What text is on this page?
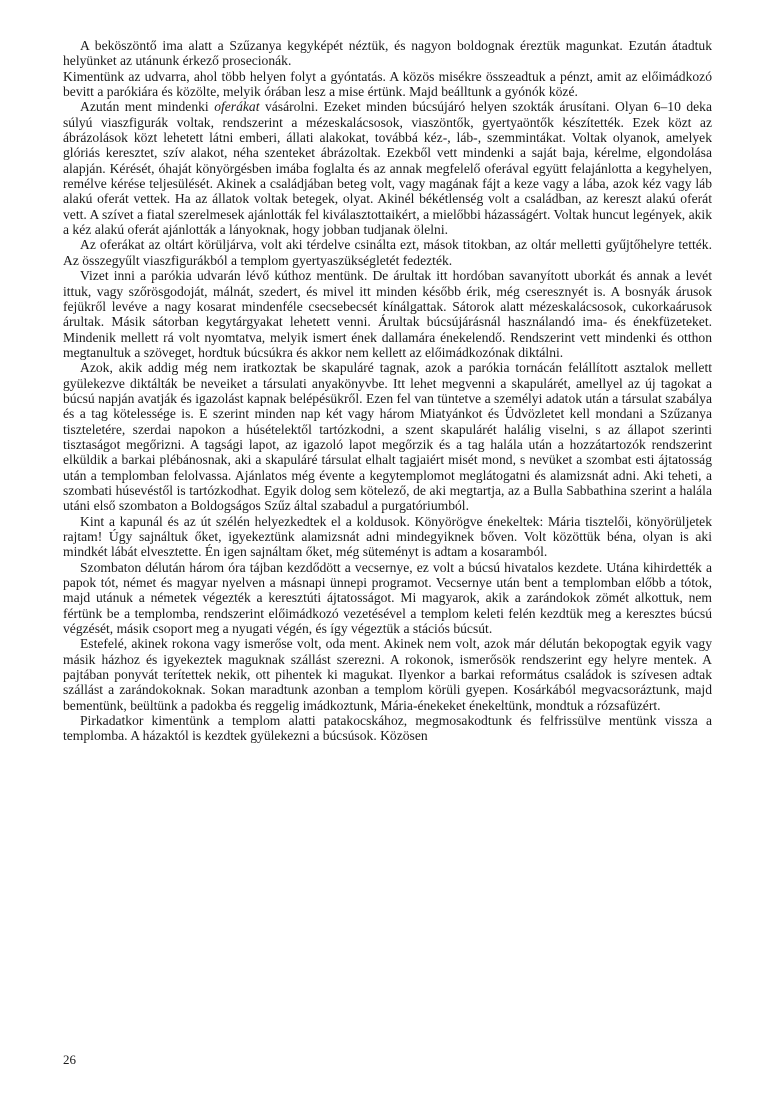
A beköszöntő ima alatt a Szűzanya kegyképét néztük, és nagyon boldognak éreztük magunkat. Ezután átadtuk helyünket az utánunk érkező prosecionák.

Kimentünk az udvarra, ahol több helyen folyt a gyóntatás. A közös misékre összeadtuk a pénzt, amit az előimádkozó bevitt a parókiára és közölte, melyik órában lesz a mise értünk. Majd beálltunk a gyónók közé.

Azután ment mindenki oferákat vásárolni. Ezeket minden búcsújáró helyen szokták árusítani. Olyan 6–10 deka súlyú viaszfigurák voltak, rendszerint a mézeskalácsosok, viaszöntők, gyertyaöntők készítették. Ezek közt az ábrázolások közt lehetett látni emberi, állati alakokat, továbbá kéz-, láb-, szemmintákat. Voltak olyanok, amelyek glóriás keresztet, szív alakot, néha szenteket ábrázoltak. Ezekből vett mindenki a saját baja, kérelme, elgondolása alapján. Kérését, óhaját könyörgésben imába foglalta és az annak megfelelő oferával együtt felajánlotta a kegyhelyen, remélve kérése teljesülését. Akinek a családjában beteg volt, vagy magának fájt a keze vagy a lába, azok kéz vagy láb alakú oferát vettek. Ha az állatok voltak betegek, olyat. Akinél békétlenség volt a családban, az kereszt alakú oferát vett. A szívet a fiatal szerelmesek ajánlották fel kiválasztottaikért, a mielőbbi házasságért. Voltak huncut legények, akik a kéz alakú oferát ajánlották a lányoknak, hogy jobban tudjanak ölelni.

Az oferákat az oltárt körüljárva, volt aki térdelve csinálta ezt, mások titokban, az oltár melletti gyűjtőhelyre tették. Az összegyűlt viaszfigurákból a templom gyertyaszükségletét fedezték.

Vizet inni a parókia udvarán lévő kúthoz mentünk. De árultak itt hordóban savanyított uborkát és annak a levét ittuk, vagy szőrösgodoját, málnát, szedert, és mivel itt minden később érik, még cseresznyét is. A bosnyák árusok fejükről levéve a nagy kosarat mindenféle csecsebecsét kínálgattak. Sátorok alatt mézeskalácsosok, cukorkaárusok árultak. Másik sátorban kegytárgyakat lehetett venni. Árultak búcsújárásnál használandó ima- és énekfüzeteket. Mindenik mellett rá volt nyomtatva, melyik ismert ének dallamára énekelendő. Rendszerint vett mindenki és otthon megtanultuk a szöveget, hordtuk búcsúkra és akkor nem kellett az előimádkozónak diktálni.

Azok, akik addig még nem iratkoztak be skapuláré tagnak, azok a parókia tornácán felállított asztalok mellett gyülekezve diktálták be neveiket a társulati anyakönyvbe. Itt lehet megvenni a skapulárét, amellyel az új tagokat a búcsú napján avatják és igazolást kapnak belépésükről. Ezen fel van tüntetve a személyi adatok után a társulat szabálya és a tag kötelessége is. E szerint minden nap két vagy három Miatyánkot és Üdvözletet kell mondani a Szűzanya tiszteletére, szerdai napokon a húsételektől tartózkodni, a szent skapulárét halálig viselni, s az állapot szerinti tisztaságot megőrizni. A tagsági lapot, az igazoló lapot megőrzik és a tag halála után a hozzátartozók rendszerint elküldik a barkai plébánosnak, aki a skapuláré társulat elhalt tagjaiért misét mond, s nevüket a szombat esti ájtatosság után a templomban felolvassa. Ajánlatos még évente a kegytemplomot meglátogatni és alamizsnát adni. Aki teheti, a szombati húsevéstől is tartózkodhat. Egyik dolog sem kötelező, de aki megtartja, az a Bulla Sabbathina szerint a halála utáni első szombaton a Boldogságos Szűz által szabadul a purgatóriumból.

Kint a kapunál és az út szélén helyezkedtek el a koldusok. Könyörögve énekeltek: Mária tisztelői, könyörüljetek rajtam! Úgy sajnáltuk őket, igyekeztünk alamizsnát adni mindegyiknek bőven. Volt közöttük béna, olyan is aki mindkét lábát elvesztette. Én igen sajnáltam őket, még süteményt is adtam a kosaramból.

Szombaton délután három óra tájban kezdődött a vecsernye, ez volt a búcsú hivatalos kezdete. Utána kihirdették a papok tót, német és magyar nyelven a másnapi ünnepi programot. Vecsernye után bent a templomban előbb a tótok, majd utánuk a németek végezték a keresztúti ájtatosságot. Mi magyarok, akik a zarándokok zömét alkottuk, nem fértünk be a templomba, rendszerint előimádkozó vezetésével a templom keleti felén kezdtük meg a keresztes búcsú végzését, másik csoport meg a nyugati végén, és így végeztük a stációs búcsút.

Estefelé, akinek rokona vagy ismerőse volt, oda ment. Akinek nem volt, azok már délután bekopogtak egyik vagy másik házhoz és igyekeztek maguknak szállást szerezni. A rokonok, ismerősök rendszerint egy helyre mentek. A pajtában ponyvát terítettek nekik, ott pihentek ki magukat. Ilyenkor a barkai református családok is szívesen adtak szállást a zarándokoknak. Sokan maradtunk azonban a templom körüli gyepen. Kosárkából megvacsoráztunk, majd bementünk, beültünk a padokba és reggelig imádkoztunk, Mária-énekeket énekeltünk, mondtuk a rózsafüzért.

Pirkadatkor kimentünk a templom alatti patakocskához, megmosakodtunk és felfrissülve mentünk vissza a templomba. A házaktól is kezdtek gyülekezni a búcsúsok. Közösen

26
